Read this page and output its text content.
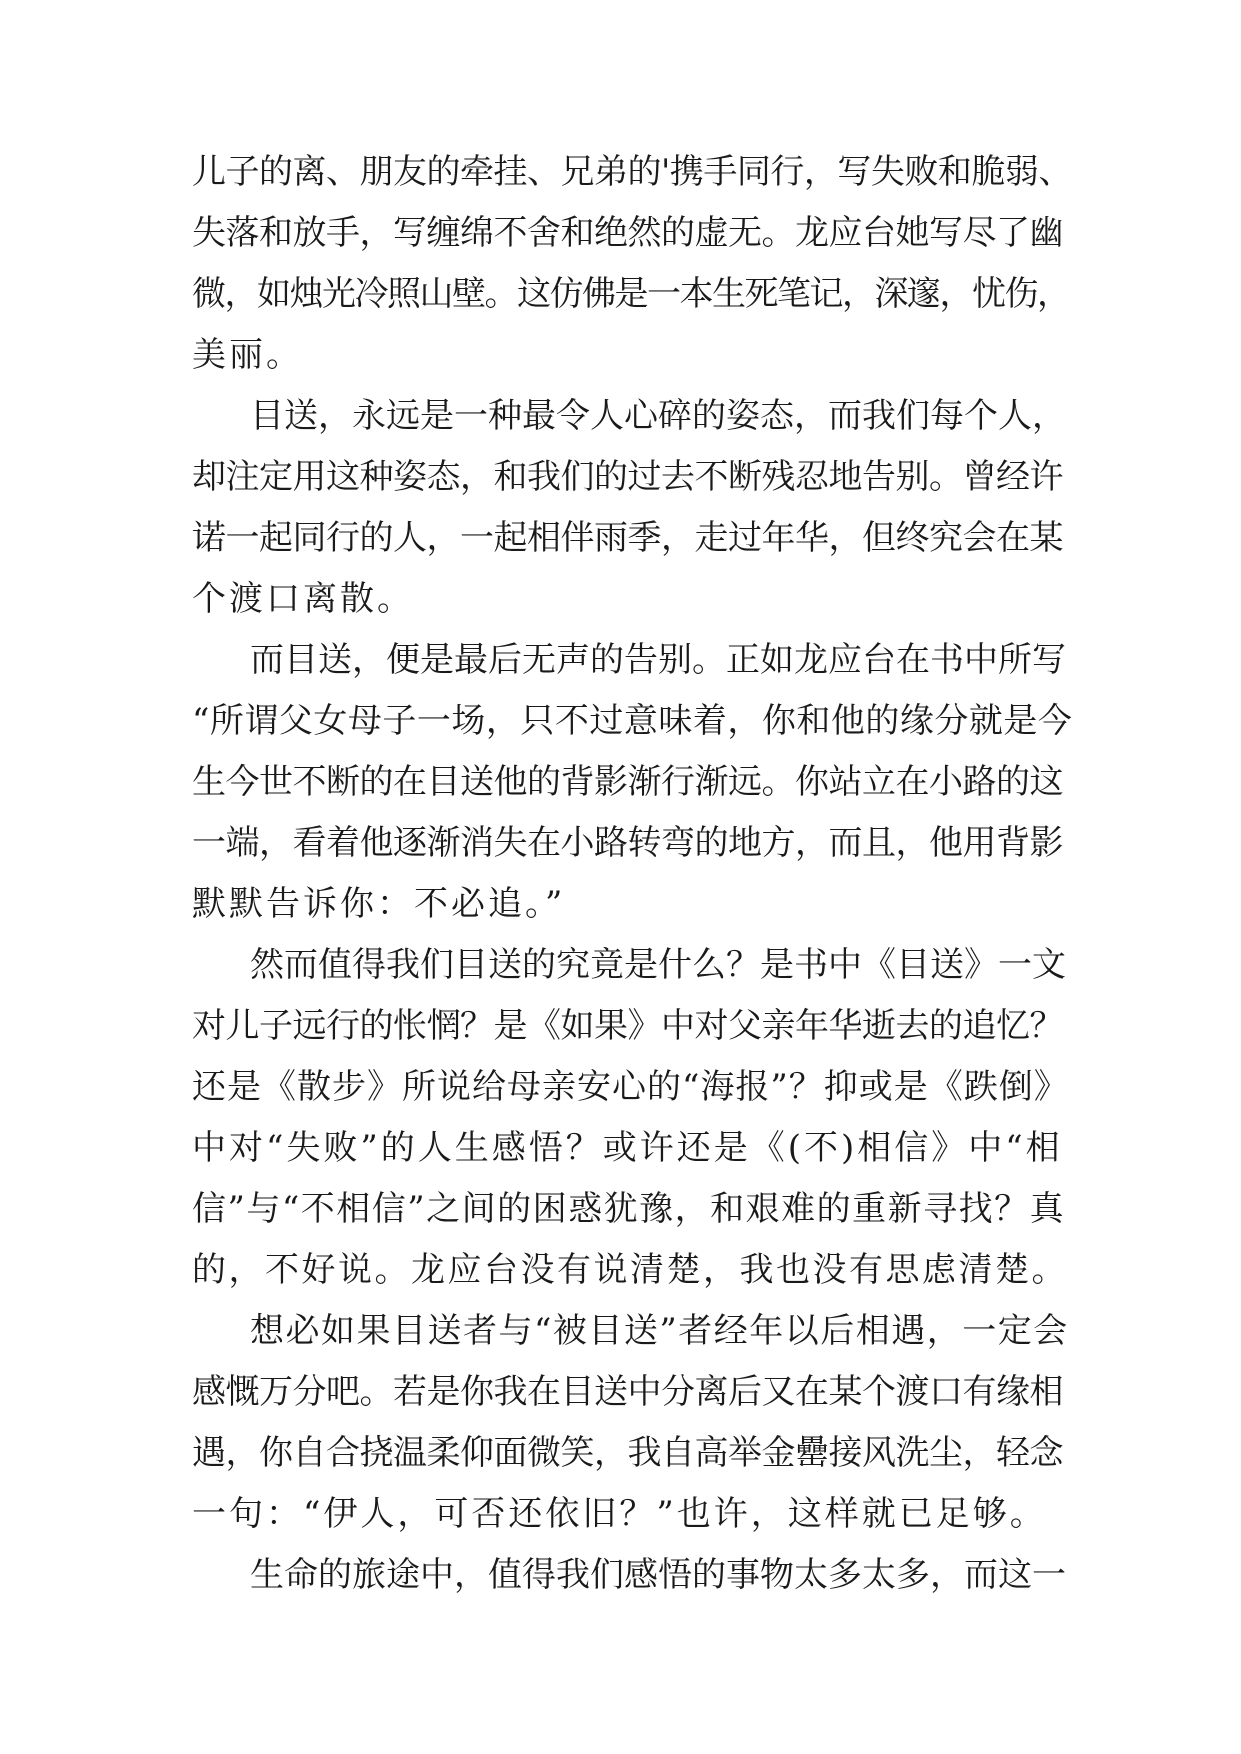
儿子的离、朋友的牵挂、兄弟的'携手同行，写失败和脆弱、
失落和放手，写缠绵不舍和绝然的虚无。龙应台她写尽了幽
微，如烛光冷照山壁。这仿佛是一本生死笔记，深邃，忧伤，
美丽。
目送，永远是一种最令人心碎的姿态，而我们每个人，
却注定用这种姿态，和我们的过去不断残忍地告别。曾经许
诺一起同行的人，一起相伴雨季，走过年华，但终究会在某
个渡口离散。
而目送，便是最后无声的告别。正如龙应台在书中所写
“所谓父女母子一场，只不过意味着，你和他的缘分就是今
生今世不断的在目送他的背影渐行渐远。你站立在小路的这
一端，看着他逐渐消失在小路转弯的地方，而且，他用背影
默默告诉你：不必追。”
然而值得我们目送的究竟是什么？是书中《目送》一文
对儿子远行的怅惘？是《如果》中对父亲年华逝去的追忆？
还是《散步》所说给母亲安心的“海报”？抑或是《跌倒》
中对“失败”的人生感悟？或许还是《(不)相信》中“相
信”与“不相信”之间的困惑犹豫，和艰难的重新寻找？真
的，不好说。龙应台没有说清楚，我也没有思虑清楚。
想必如果目送者与“被目送”者经年以后相遇，一定会
感慨万分吧。若是你我在目送中分离后又在某个渡口有缘相
遇，你自合挠温柔仰面微笑，我自高举金罍接风洗尘，轻念
一句：“伊人，可否还依旧？”也许，这样就已足够。
生命的旅途中，值得我们感悟的事物太多太多，而这一
